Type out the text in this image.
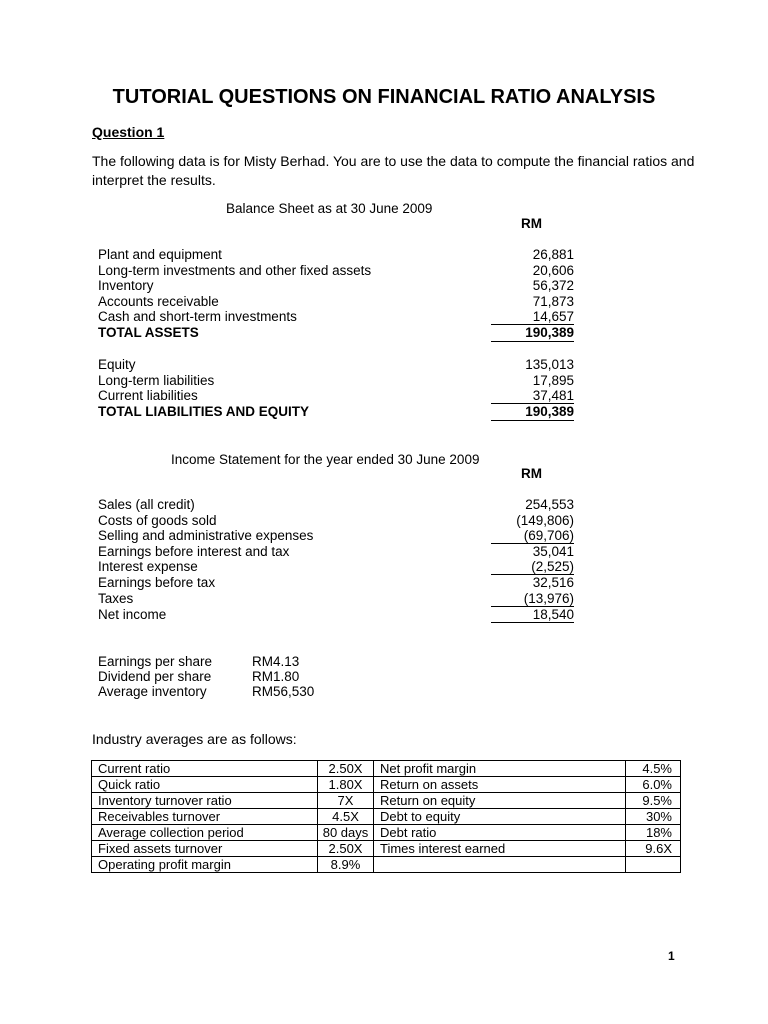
TUTORIAL QUESTIONS ON FINANCIAL RATIO ANALYSIS
Question 1
The following data is for Misty Berhad. You are to use the data to compute the financial ratios and interpret the results.
Balance Sheet as at 30 June 2009
RM
Plant and equipment	26,881
Long-term investments and other fixed assets	20,606
Inventory	56,372
Accounts receivable	71,873
Cash and short-term investments	14,657
TOTAL ASSETS	190,389
Equity	135,013
Long-term liabilities	17,895
Current liabilities	37,481
TOTAL LIABILITIES AND EQUITY	190,389
Income Statement for the year ended 30 June 2009
RM
Sales (all credit)	254,553
Costs of goods sold	(149,806)
Selling and administrative expenses	(69,706)
Earnings before interest and tax	35,041
Interest expense	(2,525)
Earnings before tax	32,516
Taxes	(13,976)
Net income	18,540
Earnings per share	RM4.13
Dividend per share	RM1.80
Average inventory	RM56,530
Industry averages are as follows:
Current ratio	2.50X	Net profit margin	4.5%
Quick ratio	1.80X	Return on assets	6.0%
Inventory turnover ratio	7X	Return on equity	9.5%
Receivables turnover	4.5X	Debt to equity	30%
Average collection period	80 days	Debt ratio	18%
Fixed assets turnover	2.50X	Times interest earned	9.6X
Operating profit margin	8.9%		
1
